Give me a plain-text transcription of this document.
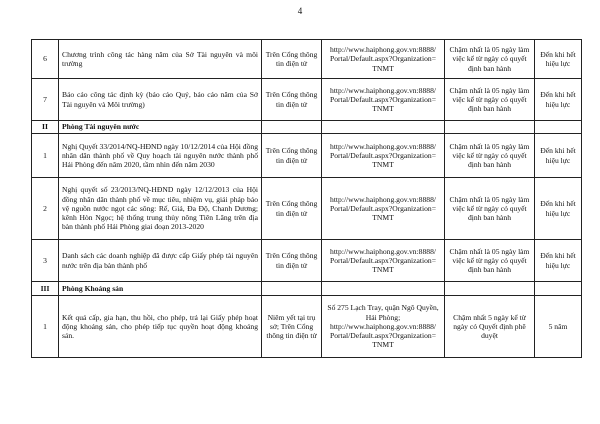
4
6	Chương trình công tác hàng năm của Sở Tài nguyên và môi trường	Trên Cổng thông tin điện tử	http://www.haiphong.gov.vn:8888/ Portal/Default.aspx?Organization= TNMT	Chậm nhất là 05 ngày làm việc kể từ ngày có quyết định ban hành	Đến khi hết hiệu lực
7	Báo cáo công tác định kỳ (báo cáo Quý, báo cáo năm của Sở Tài nguyên và Môi trường)	Trên Cổng thông tin điện tử	http://www.haiphong.gov.vn:8888/ Portal/Default.aspx?Organization= TNMT	Chậm nhất là 05 ngày làm việc kể từ ngày có quyết định ban hành	Đến khi hết hiệu lực
II	Phòng Tài nguyên nước				
1	Nghị Quyết 33/2014/NQ-HĐND ngày 10/12/2014 của Hội đồng nhân dân thành phố về Quy hoạch tài nguyên nước thành phố Hải Phòng đến năm 2020, tầm nhìn đến năm 2030	Trên Cổng thông tin điện tử	http://www.haiphong.gov.vn:8888/ Portal/Default.aspx?Organization= TNMT	Chậm nhất là 05 ngày làm việc kể từ ngày có quyết định ban hành	Đến khi hết hiệu lực
2	Nghị quyết số 23/2013/NQ-HĐND ngày 12/12/2013 của Hội đồng nhân dân thành phố về mục tiêu, nhiệm vụ, giải pháp bảo vệ nguồn nước ngọt các sông: Rế, Giá, Đa Độ, Chanh Dương; kênh Hòn Ngọc; hệ thống trung thủy nông Tiên Lãng trên địa bàn thành phố Hải Phòng giai đoạn 2013-2020	Trên Cổng thông tin điện tử	http://www.haiphong.gov.vn:8888/ Portal/Default.aspx?Organization= TNMT	Chậm nhất là 05 ngày làm việc kể từ ngày có quyết định ban hành	Đến khi hết hiệu lực
3	Danh sách các doanh nghiệp đã được cấp Giấy phép tài nguyên nước trên địa bàn thành phố	Trên Cổng thông tin điện tử	http://www.haiphong.gov.vn:8888/ Portal/Default.aspx?Organization= TNMT	Chậm nhất là 05 ngày làm việc kể từ ngày có quyết định ban hành	Đến khi hết hiệu lực
III	Phòng Khoáng sản				
1	Kết quả cấp, gia hạn, thu hồi, cho phép, trả lại Giấy phép hoạt động khoáng sản, cho phép tiếp tục quyền hoạt động khoáng sản.	Niêm yết tại trụ sở; Trên Cổng thông tin điện tử	Số 275 Lạch Tray, quận Ngô Quyền, Hải Phòng; http://www.haiphong.gov.vn:8888/ Portal/Default.aspx?Organization= TNMT	Chậm nhất 5 ngày kể từ ngày có Quyết định phê duyệt	5 năm
